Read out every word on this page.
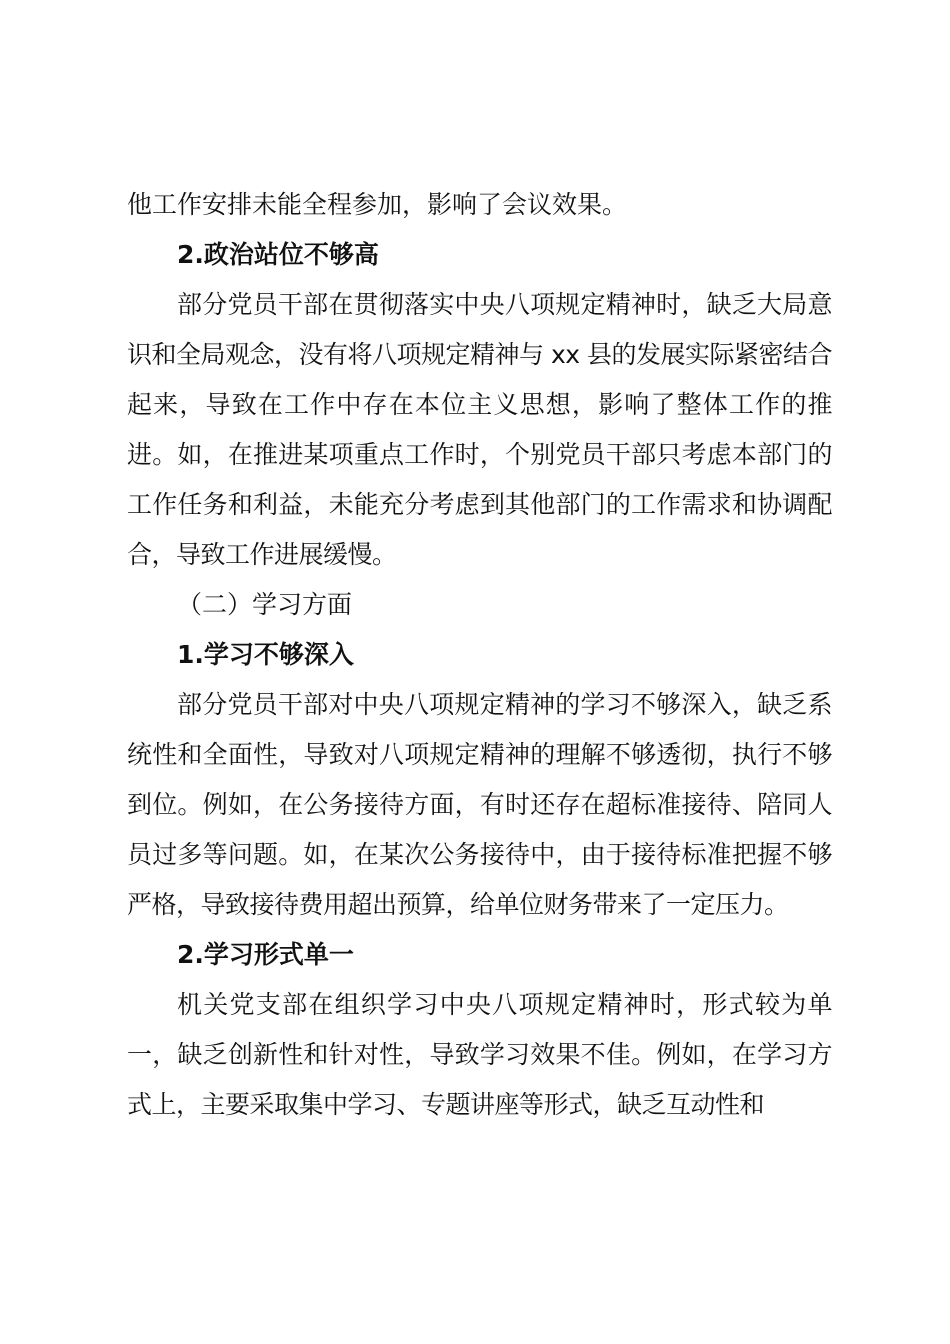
他工作安排未能全程参加，影响了会议效果。

2.政治站位不够高

部分党员干部在贯彻落实中央八项规定精神时，缺乏大局意识和全局观念，没有将八项规定精神与 xx 县的发展实际紧密结合起来，导致在工作中存在本位主义思想，影响了整体工作的推进。如，在推进某项重点工作时，个别党员干部只考虑本部门的工作任务和利益，未能充分考虑到其他部门的工作需求和协调配合，导致工作进展缓慢。

（二）学习方面

1.学习不够深入

部分党员干部对中央八项规定精神的学习不够深入，缺乏系统性和全面性，导致对八项规定精神的理解不够透彻，执行不够到位。例如，在公务接待方面，有时还存在超标准接待、陪同人员过多等问题。如，在某次公务接待中，由于接待标准把握不够严格，导致接待费用超出预算，给单位财务带来了一定压力。

2.学习形式单一

机关党支部在组织学习中央八项规定精神时，形式较为单一，缺乏创新性和针对性，导致学习效果不佳。例如，在学习方式上，主要采取集中学习、专题讲座等形式，缺乏互动性和
